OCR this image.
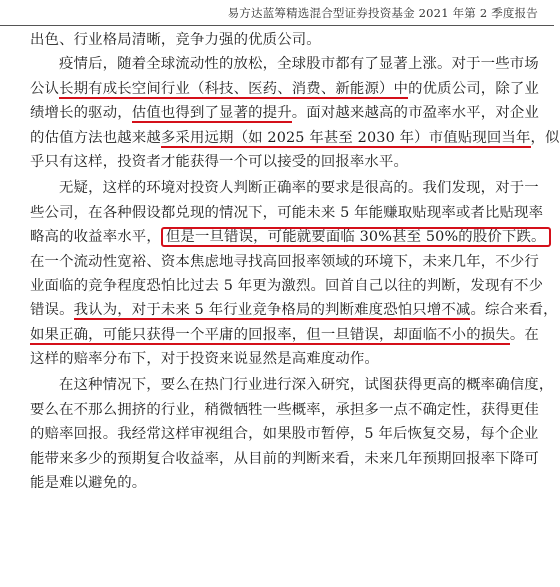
易方达蓝筹精选混合型证券投资基金 2021 年第 2 季度报告
出色、行业格局清晰，竞争力强的优质公司。
疫情后，随着全球流动性的放松，全球股市都有了显著上涨。对于一些市场
公认长期有成长空间行业（科技、医药、消费、新能源）中的优质公司，除了业
绩增长的驱动，估值也得到了显著的提升。面对越来越高的市盈率水平，对企业
的估值方法也越来越多采用远期（如 2025 年甚至 2030 年）市值贴现回当年，似
乎只有这样，投资者才能获得一个可以接受的回报率水平。
无疑，这样的环境对投资人判断正确率的要求是很高的。我们发现，对于一
些公司，在各种假设都兑现的情况下，可能未来 5 年能赚取贴现率或者比贴现率
略高的收益率水平， 但是一旦错误，可能就要面临 30%甚至 50%的股价下跌。
在一个流动性宽裕、资本焦虑地寻找高回报率领域的环境下，未来几年，不少行
业面临的竞争程度恐怕比过去 5 年更为激烈。回首自己以往的判断，发现有不少
错误。我认为，对于未来 5 年行业竞争格局的判断难度恐怕只增不减。综合来看，
如果正确，可能只获得一个平庸的回报率，但一旦错误，却面临不小的损失。在
这样的赔率分布下，对于投资来说显然是高难度动作。
在这种情况下，要么在热门行业进行深入研究，试图获得更高的概率确信度，
要么在不那么拥挤的行业，稍微牺牲一些概率，承担多一点不确定性，获得更佳
的赔率回报。我经常这样审视组合，如果股市暂停，5 年后恢复交易，每个企业
能带来多少的预期复合收益率，从目前的判断来看，未来几年预期回报率下降可
能是难以避免的。
